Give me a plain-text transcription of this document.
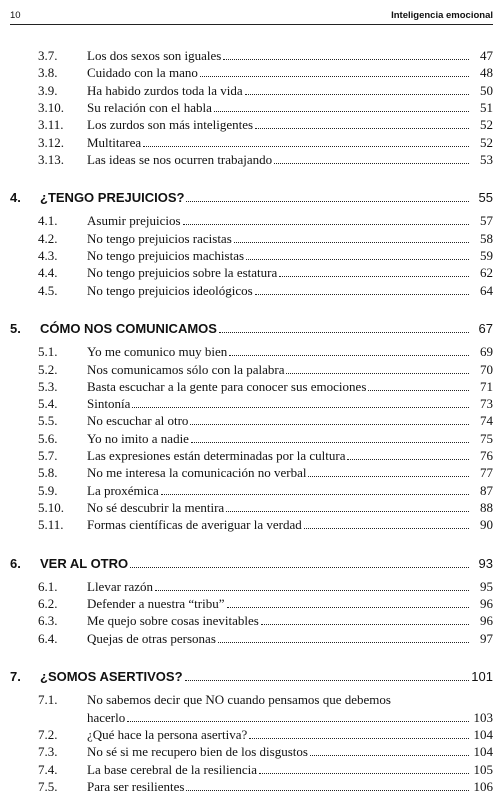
10	Inteligencia emocional
3.7. Los dos sexos son iguales	47
3.8. Cuidado con la mano	48
3.9. Ha habido zurdos toda la vida	50
3.10. Su relación con el habla	51
3.11. Los zurdos son más inteligentes	52
3.12. Multitarea	52
3.13. Las ideas se nos ocurren trabajando	53
4. ¿TENGO PREJUICIOS?	55
4.1. Asumir prejuicios	57
4.2. No tengo prejuicios racistas	58
4.3. No tengo prejuicios machistas	59
4.4. No tengo prejuicios sobre la estatura	62
4.5. No tengo prejuicios ideológicos	64
5. CÓMO NOS COMUNICAMOS	67
5.1. Yo me comunico muy bien	69
5.2. Nos comunicamos sólo con la palabra	70
5.3. Basta escuchar a la gente para conocer sus emociones	71
5.4. Sintonía	73
5.5. No escuchar al otro	74
5.6. Yo no imito a nadie	75
5.7. Las expresiones están determinadas por la cultura	76
5.8. No me interesa la comunicación no verbal	77
5.9. La proxémica	87
5.10. No sé descubrir la mentira	88
5.11. Formas científicas de averiguar la verdad	90
6. VER AL OTRO	93
6.1. Llevar razón	95
6.2. Defender a nuestra “tribu”	96
6.3. Me quejo sobre cosas inevitables	96
6.4. Quejas de otras personas	97
7. ¿SOMOS ASERTIVOS?	101
7.1. No sabemos decir que NO cuando pensamos que debemos
hacerlo	103
7.2. ¿Qué hace la persona asertiva?	104
7.3. No sé si me recupero bien de los disgustos	104
7.4. La base cerebral de la resiliencia	105
7.5. Para ser resilientes	106
